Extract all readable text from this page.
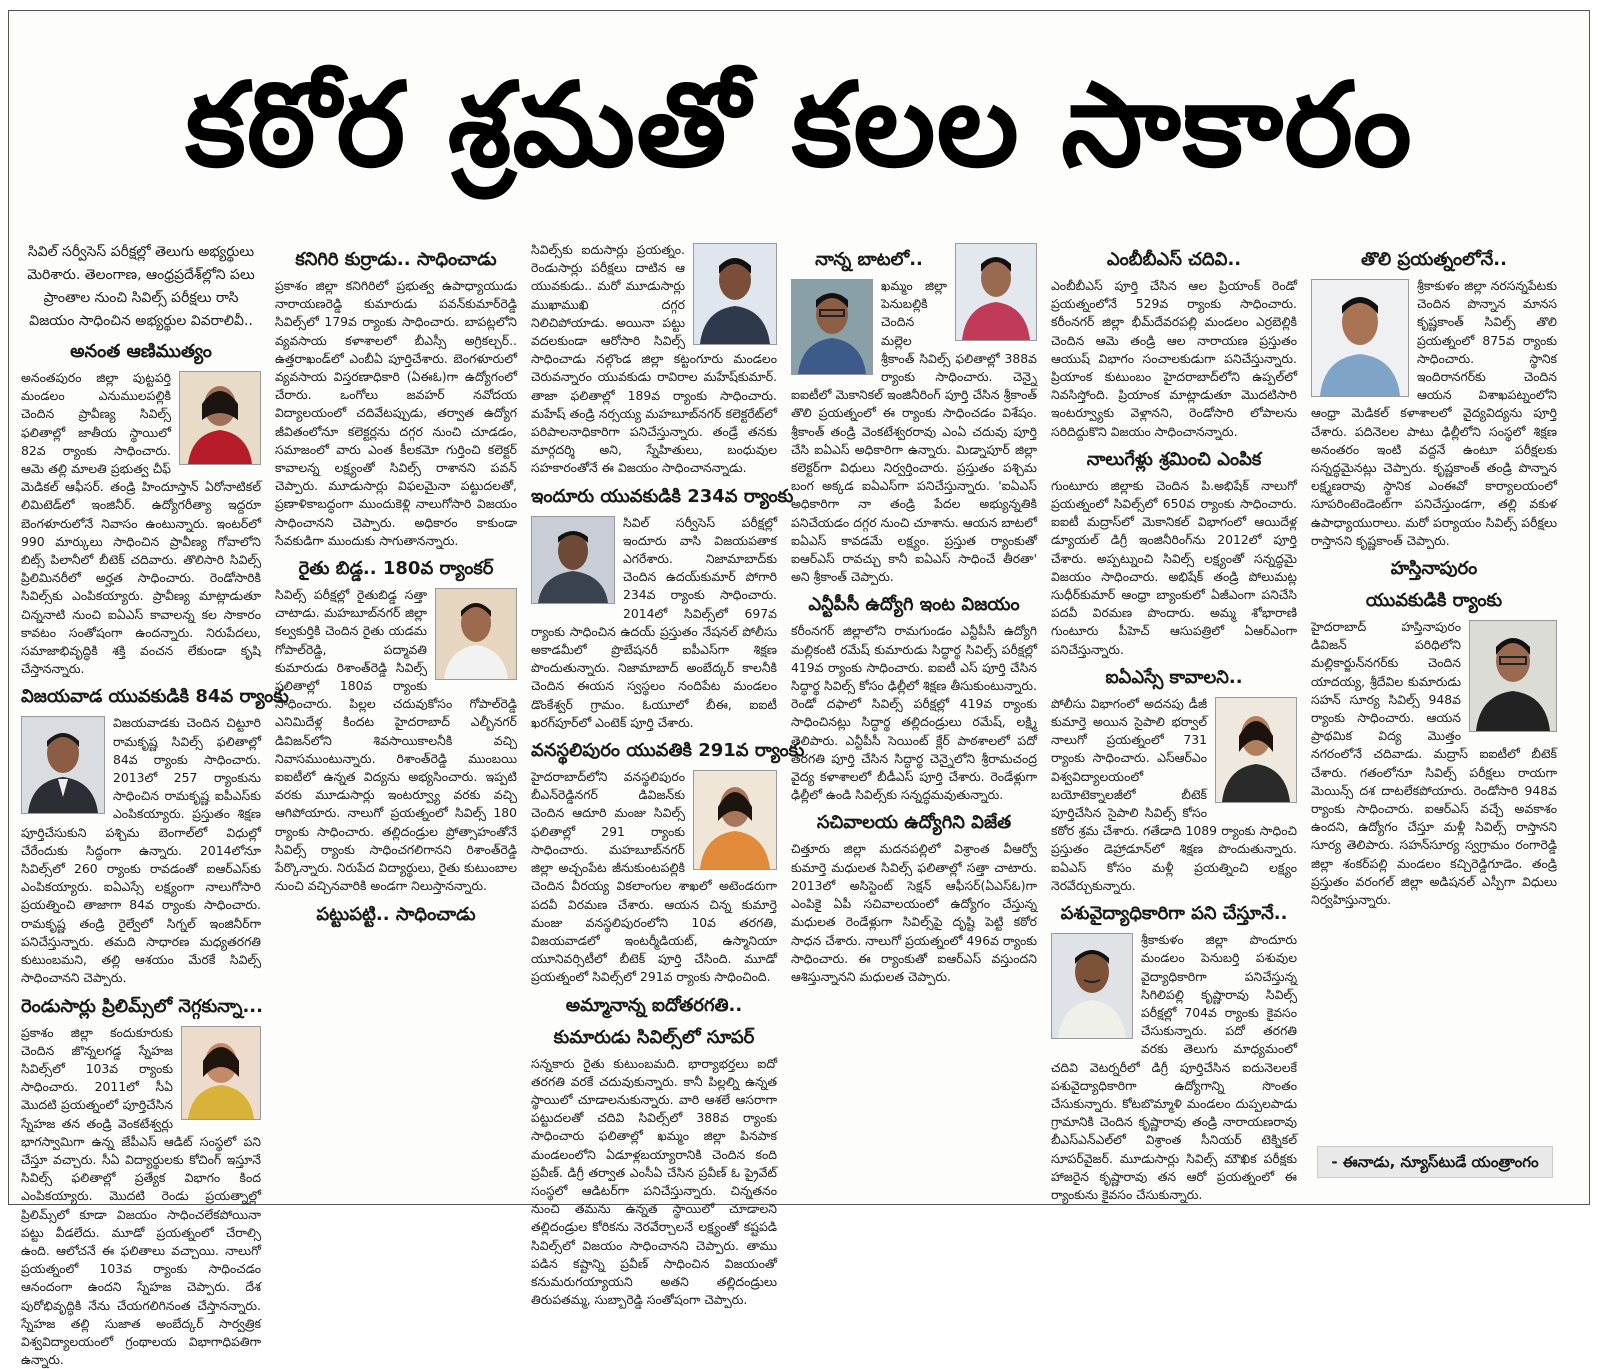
కఠోర శ్రమతో కలల సాకారం

సివిల్ సర్వీసెస్ పరీక్షల్లో తెలుగు అభ్యర్థులు మెరిశారు. తెలంగాణ, ఆంధ్రప్రదేశ్‌ల్లోని పలు ప్రాంతాల నుంచి సివిల్స్ పరీక్షలు రాసి విజయం సాధించిన అభ్యర్థుల వివరాలివీ..

అనంత ఆణిముత్యం

అనంతపురం జిల్లా పుట్టపర్తి మండలం ఎనుములపల్లికి చెందిన ప్రావీణ్య సివిల్స్ ఫలితాల్లో జాతీయ స్థాయిలో 82వ ర్యాంకు సాధించారు. ఆమె తల్లి మాలతి ప్రభుత్వ చీఫ్ మెడికల్ ఆఫీసర్. తండ్రి హిందూస్తాన్ ఏరోనాటికల్ లిమిటెడ్‌లో ఇంజినీర్. ఉద్యోగరీత్యా ఇద్దరూ బెంగళూరులోనే నివాసం ఉంటున్నారు. ఇంటర్‌లో 990 మార్కులు సాధించిన ప్రావీణ్య గోవాలోని బిట్స్ పిలానీలో బీటెక్ చదివారు. తొలిసారి సివిల్స్ ప్రిలిమినరీలో అర్హత సాధించారు. రెండోసారికి సివిల్స్‌కు ఎంపికయ్యారు. ప్రావీణ్య మాట్లాడుతూ చిన్ననాటి నుంచి ఐఏఎస్ కావాలన్న కల సాకారం కావటం సంతోషంగా ఉందన్నారు. నిరుపేదలు, సమాజాభివృద్ధికి శక్తి వంచన లేకుండా కృషి చేస్తానన్నారు.

విజయవాడ యువకుడికి 84వ ర్యాంకు

విజయవాడకు చెందిన చిట్టూరి రామకృష్ణ సివిల్స్ ఫలితాల్లో 84వ ర్యాంకు సాధించారు. 2013లో 257 ర్యాంకును సాధించిన రామకృష్ణ ఐపీఎస్‌కు ఎంపికయ్యారు. ప్రస్తుతం శిక్షణ పూర్తిచేసుకుని పశ్చిమ బెంగాల్‌లో విధుల్లో చేరేందుకు సిద్ధంగా ఉన్నారు. 2014లోనూ సివిల్స్‌లో 260 ర్యాంకు రావడంతో ఐఆర్ఎస్‌కు ఎంపికయ్యారు. ఐఏఎస్సే లక్ష్యంగా నాలుగోసారి ప్రయత్నించి తాజాగా 84వ ర్యాంకు సాధించారు. రామకృష్ణ తండ్రి రైల్వేలో సిగ్నల్ ఇంజినీర్‌గా పనిచేస్తున్నారు. తమది సాధారణ మధ్యతరగతి కుటుంబమని, తల్లి ఆశయం మేరకే సివిల్స్ సాధించానని చెప్పారు.

రెండుసార్లు ప్రిలిమ్స్‌లో నెగ్గకున్నా...

ప్రకాశం జిల్లా కందుకూరుకు చెందిన జొన్నలగడ్డ స్నేహజ సివిల్స్‌లో 103వ ర్యాంకు సాధించారు. 2011లో సీఏ మొదటి ప్రయత్నంలో పూర్తిచేసిన స్నేహజ తన తండ్రి వెంకటేశ్వర్లు భాగస్వామిగా ఉన్న జేపీఎస్ ఆడిట్ సంస్థలో పని చేస్తూ వచ్చారు. సీఏ విద్యార్థులకు కోచింగ్ ఇస్తూనే సివిల్స్ ఫలితాల్లో ప్రత్యేక విభాగం కింద ఎంపికయ్యారు. మొదటి రెండు ప్రయత్నాల్లో ప్రిలిమ్స్‌లో కూడా విజయం సాధించలేకపోయినా పట్టు వీడలేదు. మూడో ప్రయత్నంలో చేరాల్సి ఉంది. ఆలోచనే ఈ ఫలితాలు వచ్చాయి. నాలుగో ప్రయత్నంలో 103వ ర్యాంకు సాధించడం ఆనందంగా ఉందని స్నేహజ చెప్పారు. దేశ పురోభివృద్ధికి నేను చేయగలిగినంత చేస్తానన్నారు. స్నేహజ తల్లి సుజాత అంబేద్కర్ సార్వత్రిక విశ్వవిద్యాలయంలో గ్రంథాలయ విభాగాధిపతిగా ఉన్నారు.

కనిగిరి కుర్రాడు.. సాధించాడు

ప్రకాశం జిల్లా కనిగిరిలో ప్రభుత్వ ఉపాధ్యాయుడు నారాయణరెడ్డి కుమారుడు పవన్‌కుమార్‌రెడ్డి సివిల్స్‌లో 179వ ర్యాంకు సాధించారు. బాపట్లలోని వ్యవసాయ కళాశాలలో బీఎస్సీ అగ్రికల్చర్.. ఉత్తరాఖండ్‌లో ఎంబీఏ పూర్తిచేశారు. బెంగళూరులో వ్యవసాయ విస్తరణాధికారి (ఏఈఓ)గా ఉద్యోగంలో చేరారు. ఒంగోలు జవహర్ నవోదయ విద్యాలయంలో చదివేటప్పుడు, తర్వాత ఉద్యోగ జీవితంలోనూ కలెక్టర్లను దగ్గర నుంచి చూడడం, సమాజంలో వారు ఎంత కీలకమో గుర్తించి కలెక్టర్ కావాలన్న లక్ష్యంతో సివిల్స్ రాశానని పవన్ చెప్పారు. మూడుసార్లు విఫలమైనా పట్టుదలతో, ప్రణాళికాబద్ధంగా ముందుకెళ్లి నాలుగోసారి విజయం సాధించానని చెప్పారు. అధికారం కాకుండా సేవకుడిగా ముందుకు సాగుతానన్నారు.

రైతు బిడ్డ.. 180వ ర్యాంకర్

సివిల్స్ పరీక్షల్లో రైతుబిడ్డ సత్తా చాటాడు. మహబూబ్‌నగర్ జిల్లా కల్వకుర్తికి చెందిన రైతు యడమ గోపాల్‌రెడ్డి, పద్మావతి కుమారుడు రిశాంత్‌రెడ్డి సివిల్స్ ఫలితాల్లో 180వ ర్యాంకు సాధించారు. పిల్లల చదువుకోసం గోపాల్‌రెడ్డి ఎనిమిదేళ్ల కిందట హైదరాబాద్ ఎల్బీనగర్ డివిజన్‌లోని శివసాయికాలనీకి వచ్చి నివాసముంటున్నారు. రిశాంత్‌రెడ్డి ముంబయి ఐఐటీలో ఉన్నత విద్యను అభ్యసించారు. ఇప్పటి వరకు మూడుసార్లు ఇంటర్వ్యూ వరకు వచ్చి ఆగిపోయారు. నాలుగో ప్రయత్నంలో సివిల్స్ 180 ర్యాంకు సాధించారు. తల్లిదండ్రుల ప్రోత్సాహంతోనే సివిల్స్ ర్యాంకు సాధించగలిగానని రిశాంత్‌రెడ్డి పేర్కొన్నారు. నిరుపేద విద్యార్థులు, రైతు కుటుంబాల నుంచి వచ్చినవారికి అండగా నిలుస్తానన్నారు.

పట్టుపట్టి.. సాధించాడు

సివిల్స్‌కు ఐదుసార్లు ప్రయత్నం. రెండుసార్లు పరీక్షలు దాటిన ఆ యువకుడు.. మరో మూడుసార్లు ముఖాముఖి దగ్గర నిలిచిపోయాడు. అయినా పట్టు వదలకుండా ఆరోసారి సివిల్స్ సాధించాడు నల్గొండ జిల్లా కట్టంగూరు మండలం చెరువన్నారం యువకుడు రావిరాల మహేష్‌కుమార్. తాజా ఫలితాల్లో 189వ ర్యాంకు సాధించారు. మహేష్ తండ్రి నర్సయ్య మహబూబ్‌నగర్ కలెక్టరేట్‌లో పరిపాలనాధికారిగా పనిచేస్తున్నారు. తండ్రే తనకు మార్గదర్శి అని, స్నేహితులు, బంధువుల సహకారంతోనే ఈ విజయం సాధించానన్నాడు.

ఇందూరు యువకుడికి 234వ ర్యాంకు

సివిల్ సర్వీసెస్ పరీక్షల్లో ఇందూరు వాసి విజయపతాక ఎగరేశారు. నిజామాబాద్‌కు చెందిన ఉదయ్‌కుమార్ పోగారి 234వ ర్యాంకు సాధించారు. 2014లో సివిల్స్‌లో 697వ ర్యాంకు సాధించిన ఉదయ్ ప్రస్తుతం నేషనల్ పోలీసు అకాడమీలో ప్రొబేషనరీ ఐపీఎస్‌గా శిక్షణ పొందుతున్నారు. నిజామాబాద్ అంబేద్కర్ కాలనీకి చెందిన ఈయన స్వస్థలం నందిపేట మండలం డొంకేశ్వర్ గ్రామం. ఓయూలో బీఈ, ఐఐటీ ఖరగ్‌పూర్‌లో ఎంటెక్ పూర్తి చేశారు.

వనస్థలిపురం యువతికి 291వ ర్యాంకు

హైదరాబాద్‌లోని వనస్థలిపురం బీఎన్‌రెడ్డినగర్ డివిజన్‌కు చెందిన ఆదూరి మంజు సివిల్స్ ఫలితాల్లో 291 ర్యాంకు సాధించారు. మహబూబ్‌నగర్ జిల్లా అచ్చంపేట జీనుకుంటపల్లికి చెందిన వీరయ్య వికలాంగుల శాఖలో అటెండరుగా పదవీ విరమణ చేశారు. ఆయన చిన్న కుమార్తె మంజు వనస్థలిపురంలోని 10వ తరగతి, విజయవాడలో ఇంటర్మీడియట్, ఉస్మానియా యూనివర్సిటీలో బీటెక్ పూర్తి చేసింది. మూడో ప్రయత్నంలో సివిల్స్‌లో 291వ ర్యాంకు సాధించింది.

అమ్మానాన్న ఐదోతరగతి..
కుమారుడు సివిల్స్‌లో సూపర్

సన్నకారు రైతు కుటుంబమది. భార్యాభర్తలు ఐదో తరగతి వరకే చదువుకున్నారు. కానీ పిల్లల్ని ఉన్నత స్థాయిలో చూడాలనుకున్నారు. వారి ఆశలే ఆసరాగా పట్టుదలతో చదివి సివిల్స్‌లో 388వ ర్యాంకు సాధించారు ఫలితాల్లో ఖమ్మం జిల్లా పినపాక మండలంలోని ఏడూళ్లబయ్యారానికి చెందిన కంది ప్రవీణ్. డిగ్రీ తర్వాత ఎంసీఏ చేసిన ప్రవీణ్ ఓ ప్రైవేట్ సంస్థలో ఆడిటర్‌గా పనిచేస్తున్నారు. చిన్నతనం నుంచి తమను ఉన్నత స్థాయిలో చూడాలని తల్లిదండ్రుల కోరికను నెరవేర్చాలనే లక్ష్యంతో కష్టపడి సివిల్స్‌లో విజయం సాధించానని చెప్పారు. తాము పడిన కష్టాన్ని ప్రవీణ్ సాధించిన విజయంతో కనుమరుగయ్యాయని అతని తల్లిదండ్రులు తిరుపతమ్మ, సుబ్బారెడ్డి సంతోషంగా చెప్పారు.

నాన్న బాటలో..

ఖమ్మం జిల్లా పెనుబల్లికి చెందిన మల్లెల శ్రీకాంత్ సివిల్స్ ఫలితాల్లో 388వ ర్యాంకు సాధించారు. చెన్నై ఐఐటీలో మెకానికల్ ఇంజినీరింగ్ పూర్తి చేసిన శ్రీకాంత్ తొలి ప్రయత్నంలో ఈ ర్యాంకు సాధించడం విశేషం. శ్రీకాంత్ తండ్రి వెంకటేశ్వరరావు ఎంఏ చదువు పూర్తి చేసి ఐఏఎస్ అధికారిగా ఉన్నారు. మిడ్నాపూర్ జిల్లా కలెక్టర్‌గా విధులు నిర్వర్తించారు. ప్రస్తుతం పశ్చిమ బంగ అక్కడ ఐఏఎస్‌గా పనిచేస్తున్నారు. 'ఐఏఎస్ అధికారిగా నా తండ్రి పేదల అభ్యున్నతికి పనిచేయడం దగ్గర నుంచి చూశాను. ఆయన బాటలో ఐఏఎస్ కావడమే లక్ష్యం. ప్రస్తుత ర్యాంకుతో ఐఆర్ఎస్ రావచ్చు కానీ ఐఏఎస్ సాధించే తీరతా' అని శ్రీకాంత్ చెప్పారు.

ఎన్టీపీసీ ఉద్యోగి ఇంట విజయం

కరీంనగర్ జిల్లాలోని రామగుండం ఎన్టీపీసీ ఉద్యోగి మల్లికంటి రమేష్ కుమారుడు సిద్ధార్థ సివిల్స్ పరీక్షల్లో 419వ ర్యాంకు సాధించారు. ఐఐటీ ఎస్ పూర్తి చేసిన సిద్ధార్థ సివిల్స్ కోసం ఢిల్లీలో శిక్షణ తీసుకుంటున్నారు. రెండో దఫాలో సివిల్స్ పరీక్షల్లో 419వ ర్యాంకు సాధించినట్లు సిద్ధార్థ తల్లిదండ్రులు రమేష్, లక్ష్మి తెలిపారు. ఎన్టీపీసీ సెయింట్ క్లేర్ పాఠశాలలో పదో తరగతి పూర్తి చేసిన సిద్ధార్థ చెన్నైలోని శ్రీరామచంద్ర వైద్య కళాశాలలో బీడీఎస్ పూర్తి చేశారు. రెండేళ్లుగా ఢిల్లీలో ఉండి సివిల్స్‌కు సన్నద్ధమవుతున్నారు.

సచివాలయ ఉద్యోగిని విజేత

చిత్తూరు జిల్లా మదనపల్లిలో విశ్రాంత వీఆర్వో కుమార్తె మధులత సివిల్స్ ఫలితాల్లో సత్తా చాటారు. 2013లో అసిస్టెంట్ సెక్షన్ ఆఫీసర్(ఏఎస్ఓ)గా ఎంపికై ఏపీ సచివాలయంలో ఉద్యోగం చేస్తున్న మధులత రెండేళ్లుగా సివిల్స్‌పై దృష్టి పెట్టి కఠోర సాధన చేశారు. నాలుగో ప్రయత్నంలో 496వ ర్యాంకు సాధించారు. ఈ ర్యాంకుతో ఐఆర్ఎస్ వస్తుందని ఆశిస్తున్నానని మధులత చెప్పారు.

ఎంబీబీఎస్ చదివి..

ఎంబీబీఎస్ పూర్తి చేసిన ఆల ప్రియాంక్ రెండో ప్రయత్నంలోనే 529వ ర్యాంకు సాధించారు. కరీంనగర్ జిల్లా భీమ్‌దేవరపల్లి మండలం ఎర్రబెల్లికి చెందిన ఆమె తండ్రి ఆల నారాయణ ప్రస్తుతం ఆయుష్ విభాగం సంచాలకుడుగా పనిచేస్తున్నారు. ప్రియాంక కుటుంబం హైదరాబాద్‌లోని ఉప్పల్‌లో నివసిస్తోంది. ప్రియాంక మాట్లాడుతూ మొదటిసారి ఇంటర్వ్యూకు వెళ్లానని, రెండోసారి లోపాలను సరిదిద్దుకొని విజయం సాధించానన్నారు.

నాలుగేళ్లు శ్రమించి ఎంపిక

గుంటూరు జిల్లాకు చెందిన పి.అభిషేక్ నాలుగో ప్రయత్నంలో సివిల్స్‌లో 650వ ర్యాంకు సాధించారు. ఐఐటీ మద్రాస్‌లో మెకానికల్ విభాగంలో ఆయిదేళ్ల డ్యూయల్ డిగ్రీ ఇంజినీరింగ్‌ను 2012లో పూర్తి చేశారు. అప్పట్నుంచి సివిల్స్ లక్ష్యంతో సన్నద్ధమై విజయం సాధించారు. అభిషేక్ తండ్రి పోలుమట్ల సుధీర్‌కుమార్ ఆంధ్రా బ్యాంకులో ఏజీఎంగా పనిచేసి పదవీ విరమణ పొందారు. అమ్మ శోభారాణి గుంటూరు పీహెచ్ ఆసుపత్రిలో ఏఆర్ఎంగా పనిచేస్తున్నారు.

ఐఏఎస్సే కావాలని..

పోలీసు విభాగంలో అదనపు డీజీ కుమార్తె అయిన సైపాలి భర్వాల్ నాలుగో ప్రయత్నంలో 731 ర్యాంకు సాధించారు. ఎస్ఆర్ఎం విశ్వవిద్యాలయంలో బయోటెక్నాలజీలో బీటెక్ పూర్తిచేసిన సైపాలి సివిల్స్ కోసం కఠోర శ్రమ చేశారు. గతేడాది 1089 ర్యాంకు సాధించి ప్రస్తుతం డెహ్రాడూన్‌లో శిక్షణ పొందుతున్నారు. ఐఏఎస్ కోసం మళ్లీ ప్రయత్నించి లక్ష్యం నెరవేర్చుకున్నారు.

పశువైద్యాధికారిగా పని చేస్తూనే..

శ్రీకాకుళం జిల్లా పొందూరు మండలం పెనుబర్తి పశువుల వైద్యాధికారిగా పనిచేస్తున్న సిగిలిపల్లి కృష్ణారావు సివిల్స్ పరీక్షల్లో 704వ ర్యాంకు కైవసం చేసుకున్నారు. పదో తరగతి వరకు తెలుగు మాధ్యమంలో చదివి వెటర్నరీలో డిగ్రీ పూర్తిచేసిన ఐదునెలలకే పశువైద్యాధికారిగా ఉద్యోగాన్ని సొంతం చేసుకున్నారు. కోటబొమ్మాళి మండలం దుప్పలపాడు గ్రామానికి చెందిన కృష్ణారావు తండ్రి నారాయణరావు బీఎస్ఎన్ఎల్‌లో విశ్రాంత సీనియర్ టెక్నికల్ సూపర్‌వైజర్. మూడుసార్లు సివిల్స్ మౌఖిక పరీక్షకు హాజరైన కృష్ణారావు తన ఆరో ప్రయత్నంలో ఈ ర్యాంకును కైవసం చేసుకున్నారు.

తొలి ప్రయత్నంలోనే..

శ్రీకాకుళం జిల్లా నరసన్నపేటకు చెందిన పొన్నాన మానస కృష్ణకాంత్ సివిల్స్ తొలి ప్రయత్నంలో 875వ ర్యాంకు సాధించారు. స్థానిక ఇందిరానగర్‌కు చెందిన ఆయన విశాఖపట్నంలోని ఆంధ్రా మెడికల్ కళాశాలలో వైద్యవిద్యను పూర్తి చేశారు. పదినెలల పాటు ఢిల్లీలోని సంస్థలో శిక్షణ అనంతరం ఇంటి వద్దనే ఉంటూ పరీక్షలకు సన్నద్ధమైనట్లు చెప్పారు. కృష్ణకాంత్ తండ్రి పొన్నాన లక్ష్మణరావు స్థానిక ఎంఈవో కార్యాలయంలో సూపరింటెండెంట్‌గా పనిచేస్తుండగా, తల్లి వకుళ ఉపాధ్యాయురాలు. మరో పర్యాయం సివిల్స్ పరీక్షలు రాస్తానని కృష్ణకాంత్ చెప్పారు.

హస్తినాపురం
యువకుడికి ర్యాంకు

హైదరాబాద్ హస్తినాపురం డివిజన్ పరిధిలోని మల్లికార్జున్‌నగర్‌కు చెందిన యాదయ్య, శ్రీదేవిల కుమారుడు సహన్ సూర్య సివిల్స్ 948వ ర్యాంకు సాధించారు. ఆయన ప్రాథమిక విద్య మొత్తం నగరంలోనే చదివాడు. మద్రాస్ ఐఐటీలో బీటెక్ చేశారు. గతంలోనూ సివిల్స్ పరీక్షలు రాయగా మెయిన్స్ దశ దాటలేకపోయారు. రెండోసారి 948వ ర్యాంకు సాధించారు. ఐఆర్ఎస్ వచ్చే అవకాశం ఉందని, ఉద్యోగం చేస్తూ మళ్లీ సివిల్స్ రాస్తానని సూర్య తెలిపారు. సహన్‌సూర్య స్వగ్రామం రంగారెడ్డి జిల్లా శంకర్‌పల్లి మండలం కచ్చిరెడ్డిగూడెం. తండ్రి ప్రస్తుతం వరంగల్ జిల్లా అడిషనల్ ఎస్పీగా విధులు నిర్వహిస్తున్నారు.

- ఈనాడు, న్యూస్‌టుడే యంత్రాంగం
